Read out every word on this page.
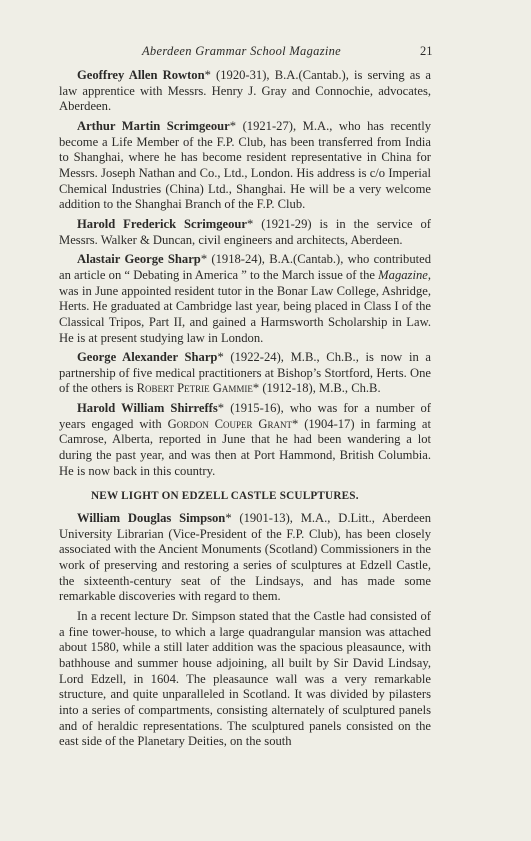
Aberdeen Grammar School Magazine	21

Geoffrey Allen Rowton* (1920-31), B.A.(Cantab.), is serving as a law apprentice with Messrs. Henry J. Gray and Connochie, advocates, Aberdeen.

Arthur Martin Scrimgeour* (1921-27), M.A., who has recently become a Life Member of the F.P. Club, has been transferred from India to Shanghai, where he has become resident representative in China for Messrs. Joseph Nathan and Co., Ltd., London. His address is c/o Imperial Chemical Industries (China) Ltd., Shanghai. He will be a very welcome addition to the Shanghai Branch of the F.P. Club.

Harold Frederick Scrimgeour* (1921-29) is in the service of Messrs. Walker & Duncan, civil engineers and architects, Aberdeen.

Alastair George Sharp* (1918-24), B.A.(Cantab.), who contributed an article on “ Debating in America ” to the March issue of the Magazine, was in June appointed resident tutor in the Bonar Law College, Ashridge, Herts. He graduated at Cambridge last year, being placed in Class I of the Classical Tripos, Part II, and gained a Harmsworth Scholarship in Law. He is at present studying law in London.

George Alexander Sharp* (1922-24), M.B., Ch.B., is now in a partnership of five medical practitioners at Bishop’s Stortford, Herts. One of the others is Robert Petrie Gammie* (1912-18), M.B., Ch.B.

Harold William Shirreffs* (1915-16), who was for a number of years engaged with Gordon Couper Grant* (1904-17) in farming at Camrose, Alberta, reported in June that he had been wandering a lot during the past year, and was then at Port Hammond, British Columbia. He is now back in this country.

NEW LIGHT ON EDZELL CASTLE SCULPTURES.

William Douglas Simpson* (1901-13), M.A., D.Litt., Aberdeen University Librarian (Vice-President of the F.P. Club), has been closely associated with the Ancient Monuments (Scotland) Commissioners in the work of preserving and restoring a series of sculptures at Edzell Castle, the sixteenth-century seat of the Lindsays, and has made some remarkable discoveries with regard to them.

In a recent lecture Dr. Simpson stated that the Castle had consisted of a fine tower-house, to which a large quadrangular mansion was attached about 1580, while a still later addition was the spacious pleasaunce, with bathhouse and summer house adjoining, all built by Sir David Lindsay, Lord Edzell, in 1604. The pleasaunce wall was a very remarkable structure, and quite unparalleled in Scotland. It was divided by pilasters into a series of compartments, consisting alternately of sculptured panels and of heraldic representations. The sculptured panels consisted on the east side of the Planetary Deities, on the south
